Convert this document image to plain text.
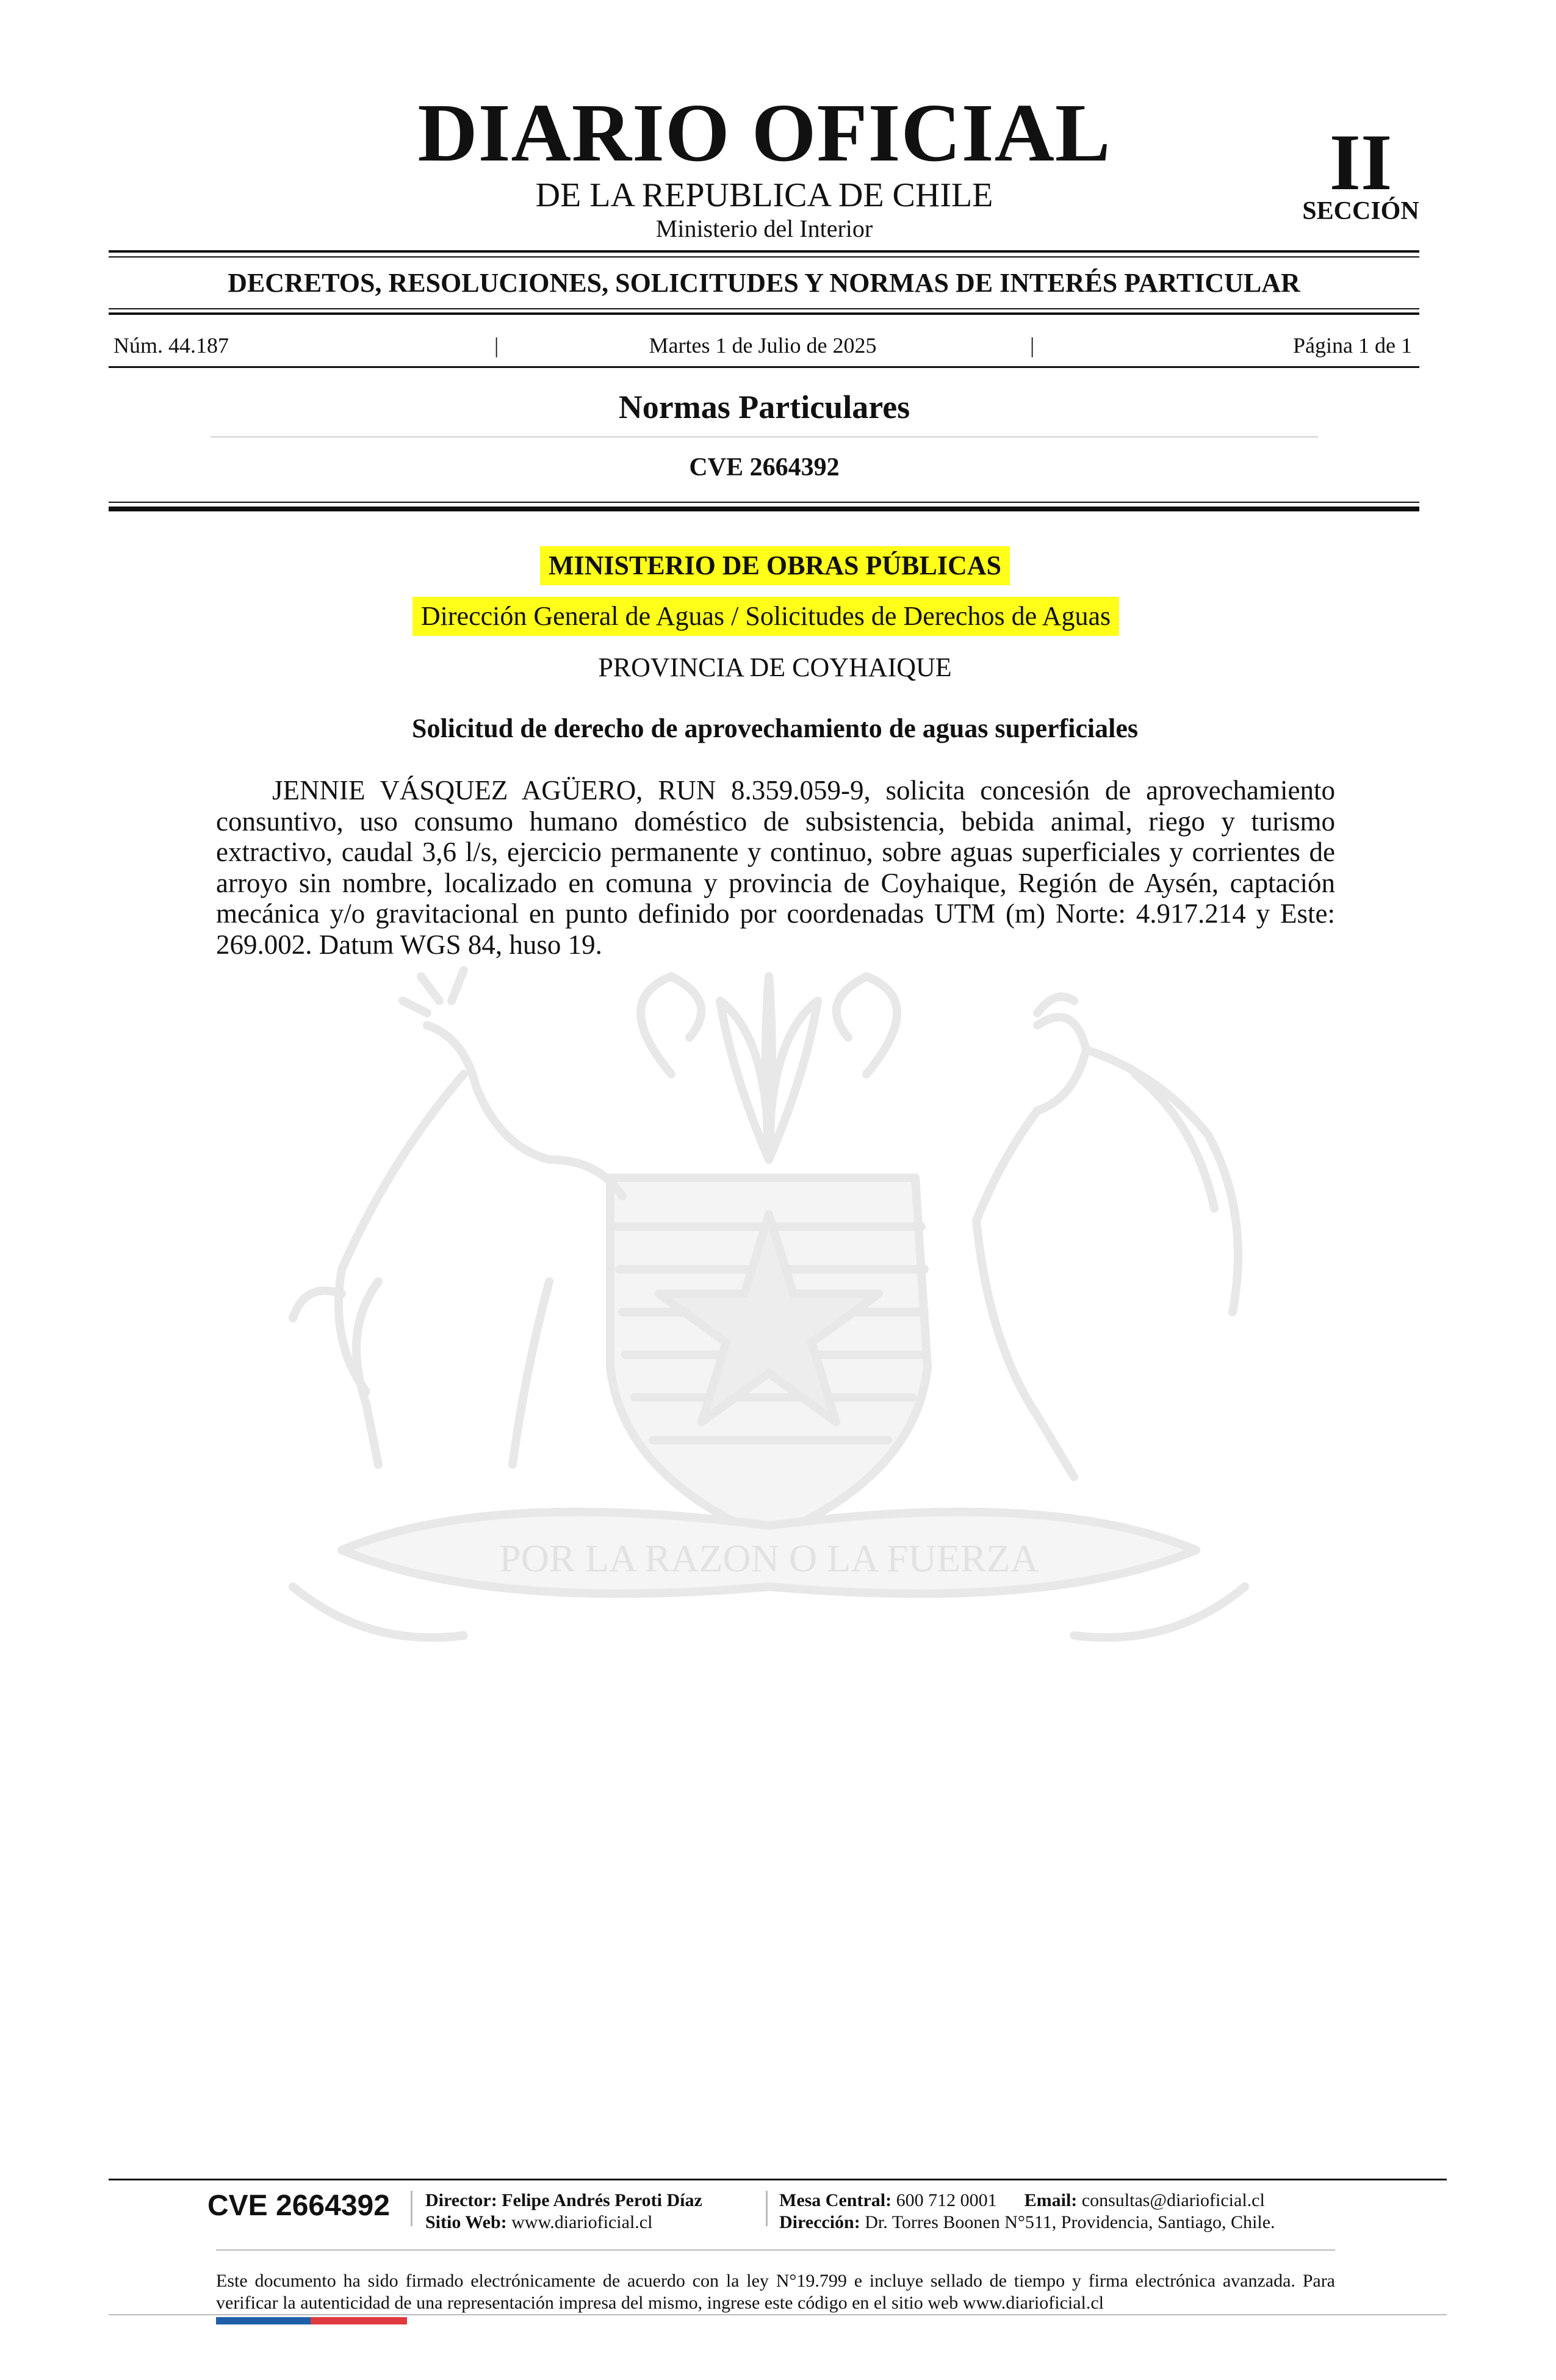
POR LA RAZON O LA FUERZA
DIARIO OFICIAL
DE LA REPUBLICA DE CHILE
Ministerio del Interior
II
SECCIÓN
DECRETOS, RESOLUCIONES, SOLICITUDES Y NORMAS DE INTERÉS PARTICULAR
Núm. 44.187	|	Martes 1 de Julio de 2025	|	Página 1 de 1
Normas Particulares
CVE 2664392
MINISTERIO DE OBRAS PÚBLICAS
Dirección General de Aguas / Solicitudes de Derechos de Aguas
PROVINCIA DE COYHAIQUE
Solicitud de derecho de aprovechamiento de aguas superficiales
JENNIE VÁSQUEZ AGÜERO, RUN 8.359.059-9, solicita concesión de aprovechamiento consuntivo, uso consumo humano doméstico de subsistencia, bebida animal, riego y turismo extractivo, caudal 3,6 l/s, ejercicio permanente y continuo, sobre aguas superficiales y corrientes de arroyo sin nombre, localizado en comuna y provincia de Coyhaique, Región de Aysén, captación mecánica y/o gravitacional en punto definido por coordenadas UTM (m) Norte: 4.917.214 y Este: 269.002. Datum WGS 84, huso 19.
CVE 2664392	Director: Felipe Andrés Peroti Díaz
Sitio Web: www.diarioficial.cl
Mesa Central: 600 712 0001 Email: consultas@diarioficial.cl
Dirección: Dr. Torres Boonen N°511, Providencia, Santiago, Chile.
Este documento ha sido firmado electrónicamente de acuerdo con la ley N°19.799 e incluye sellado de tiempo y firma electrónica avanzada. Para verificar la autenticidad de una representación impresa del mismo, ingrese este código en el sitio web www.diarioficial.cl
